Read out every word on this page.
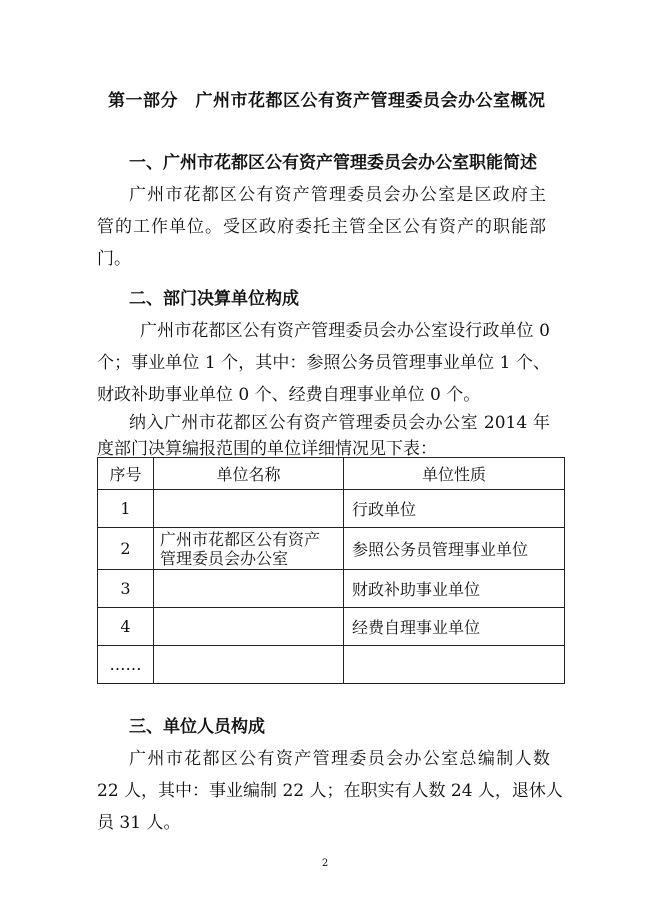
第一部分　广州市花都区公有资产管理委员会办公室概况
一、广州市花都区公有资产管理委员会办公室职能简述
广州市花都区公有资产管理委员会办公室是区政府主
管的工作单位。受区政府委托主管全区公有资产的职能部
门。
二、部门决算单位构成
广州市花都区公有资产管理委员会办公室设行政单位 0
个；事业单位 1 个，其中：参照公务员管理事业单位 1 个、
财政补助事业单位 0 个、经费自理事业单位 0 个。
纳入广州市花都区公有资产管理委员会办公室 2014 年
度部门决算编报范围的单位详细情况见下表：
序号	单位名称	单位性质
1		行政单位
2	广州市花都区公有资产
管理委员会办公室	参照公务员管理事业单位
3		财政补助事业单位
4		经费自理事业单位
……		
三、单位人员构成
广州市花都区公有资产管理委员会办公室总编制人数
22 人，其中：事业编制 22 人；在职实有人数 24 人，退休人
员 31 人。
2
